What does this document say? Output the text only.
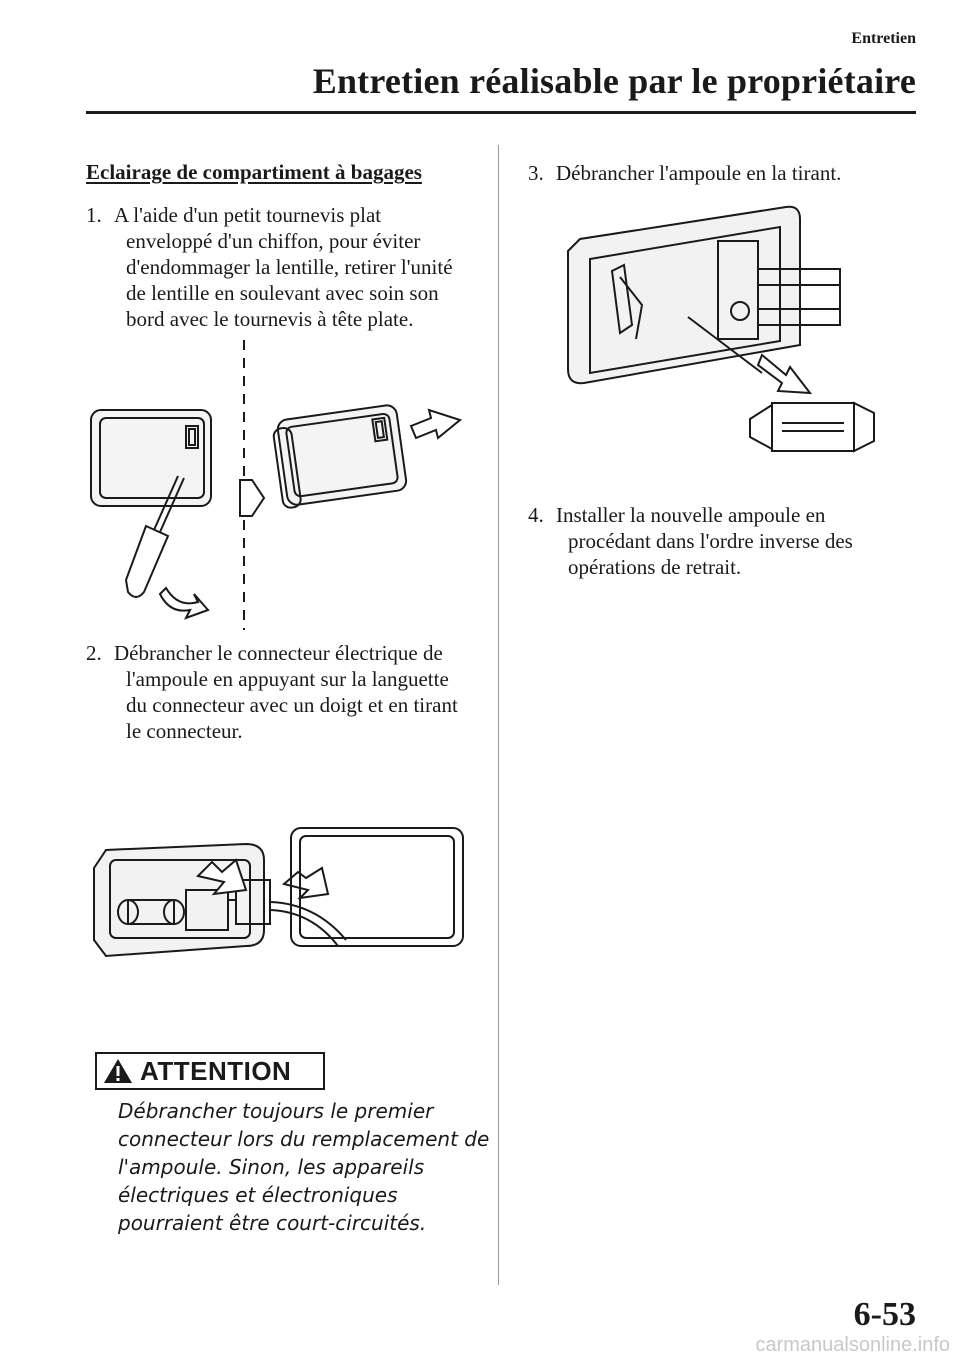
Entretien
Entretien réalisable par le propriétaire
Eclairage de compartiment à bagages
1. A l'aide d'un petit tournevis plat
enveloppé d'un chiffon, pour éviter
d'endommager la lentille, retirer l'unité
de lentille en soulevant avec soin son
bord avec le tournevis à tête plate.
2. Débrancher le connecteur électrique de
l'ampoule en appuyant sur la languette
du connecteur avec un doigt et en tirant
le connecteur.
ATTENTION
Débrancher toujours le premier
connecteur lors du remplacement de
l'ampoule. Sinon, les appareils
électriques et électroniques
pourraient être court-circuités.
3. Débrancher l'ampoule en la tirant.
4. Installer la nouvelle ampoule en
procédant dans l'ordre inverse des
opérations de retrait.
6-53
carmanualsonline.info
